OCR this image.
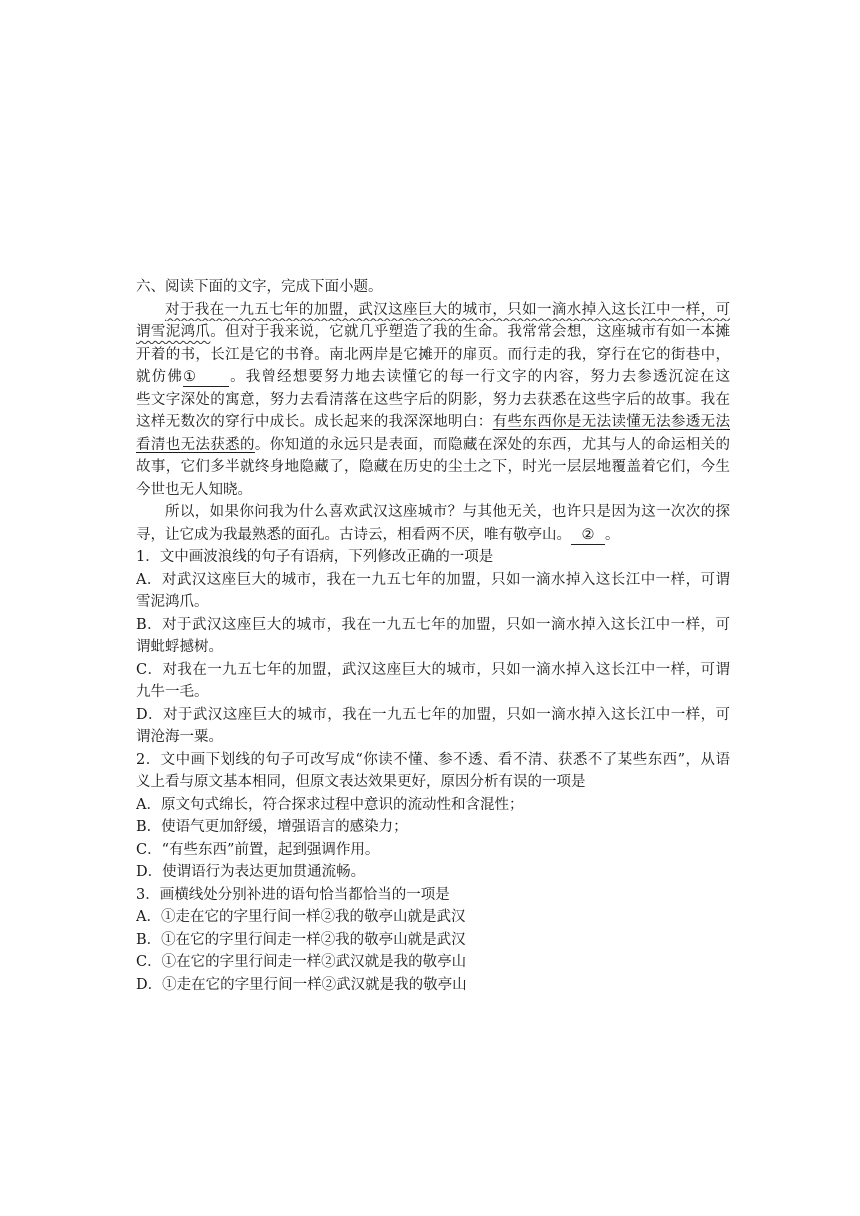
六、阅读下面的文字，完成下面小题。
对于我在一九五七年的加盟，武汉这座巨大的城市，只如一滴水掉入这长江中一样，可
谓雪泥鸿爪。但对于我来说，它就几乎塑造了我的生命。我常常会想，这座城市有如一本摊
开着的书，长江是它的书脊。南北两岸是它摊开的扉页。而行走的我，穿行在它的街巷中，
就仿佛① 。我曾经想要努力地去读懂它的每一行文字的内容，努力去参透沉淀在这
些文字深处的寓意，努力去看清落在这些字后的阴影，努力去获悉在这些字后的故事。我在
这样无数次的穿行中成长。成长起来的我深深地明白：有些东西你是无法读懂无法参透无法
看清也无法获悉的。你知道的永远只是表面，而隐藏在深处的东西，尤其与人的命运相关的
故事，它们多半就终身地隐藏了，隐藏在历史的尘土之下，时光一层层地覆盖着它们，今生
今世也无人知晓。
所以，如果你问我为什么喜欢武汉这座城市？与其他无关，也许只是因为这一次次的探
寻，让它成为我最熟悉的面孔。古诗云，相看两不厌，唯有敬亭山。 ② 。
1．文中画波浪线的句子有语病，下列修改正确的一项是
A．对武汉这座巨大的城市，我在一九五七年的加盟，只如一滴水掉入这长江中一样，可谓
雪泥鸿爪。
B．对于武汉这座巨大的城市，我在一九五七年的加盟，只如一滴水掉入这长江中一样，可
谓蚍蜉撼树。
C．对我在一九五七年的加盟，武汉这座巨大的城市，只如一滴水掉入这长江中一样，可谓
九牛一毛。
D．对于武汉这座巨大的城市，我在一九五七年的加盟，只如一滴水掉入这长江中一样，可
谓沧海一粟。
2．文中画下划线的句子可改写成“你读不懂、参不透、看不清、获悉不了某些东西”，从语
义上看与原文基本相同，但原文表达效果更好，原因分析有误的一项是
A．原文句式绵长，符合探求过程中意识的流动性和含混性；
B．使语气更加舒缓，增强语言的感染力；
C．“有些东西”前置，起到强调作用。
D．使谓语行为表达更加贯通流畅。
3．画横线处分别补进的语句恰当都恰当的一项是
A．①走在它的字里行间一样②我的敬亭山就是武汉
B．①在它的字里行间走一样②我的敬亭山就是武汉
C．①在它的字里行间走一样②武汉就是我的敬亭山
D．①走在它的字里行间一样②武汉就是我的敬亭山
